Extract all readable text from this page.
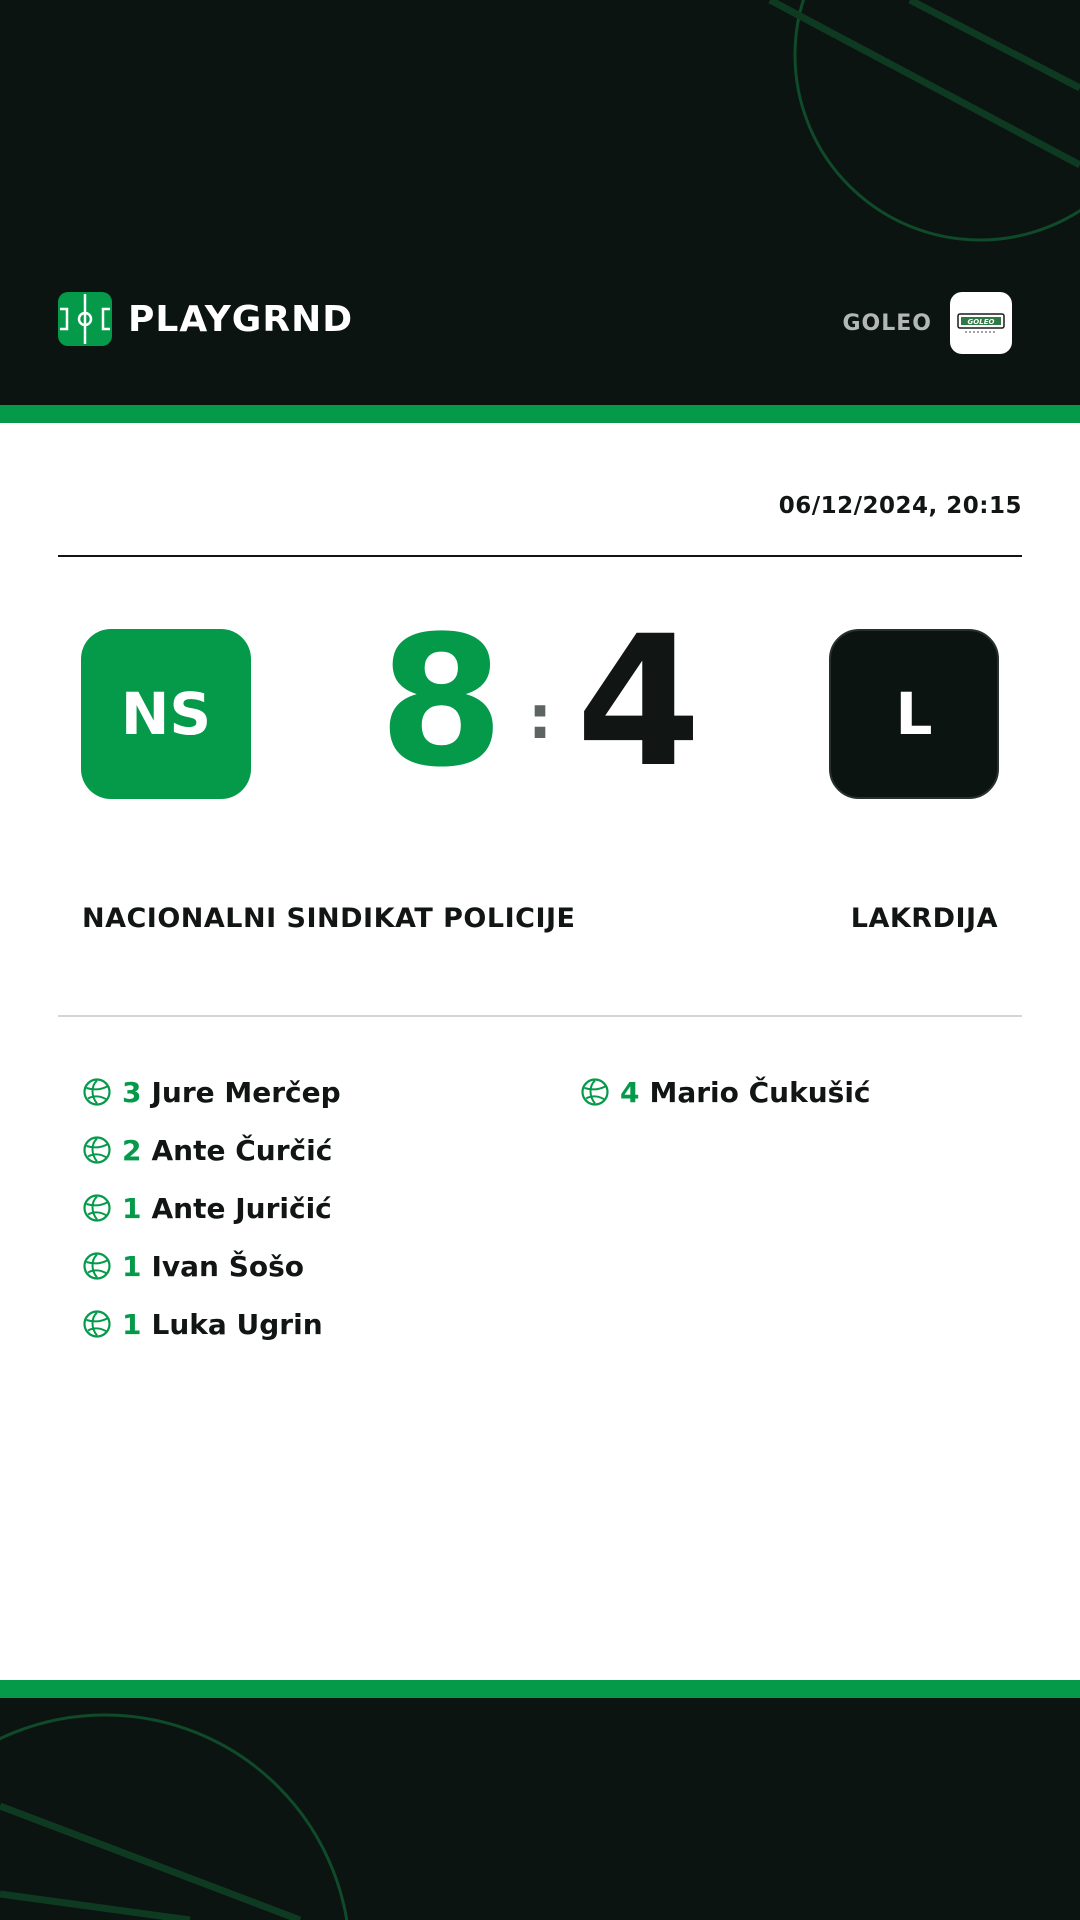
PLAYGRND	GOLEO	GOLEO
06/12/2024, 20:15
NS 8 : 4	L
NACIONALNI SINDIKAT POLICIJE	LAKRDIJA
3 Jure Merčep
2 Ante Čurčić
1 Ante Juričić
1 Ivan Šošo
1 Luka Ugrin
4 Mario Čukušić
